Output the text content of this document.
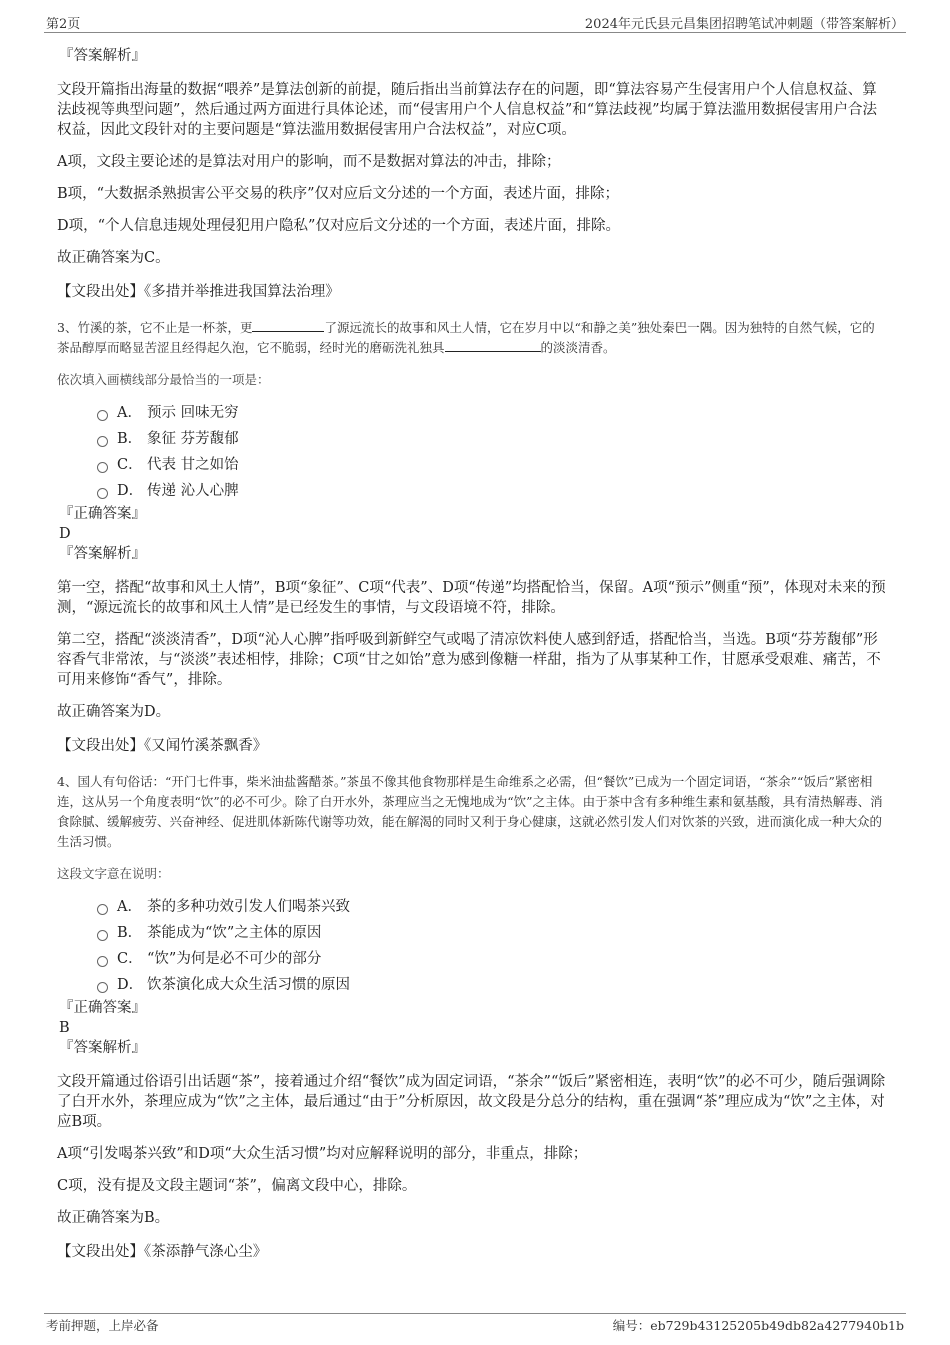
第2页	2024年元氏县元昌集团招聘笔试冲刺题（带答案解析）

『答案解析』

文段开篇指出海量的数据“喂养”是算法创新的前提，随后指出当前算法存在的问题，即“算法容易产生侵害用户个人信息权益、算法歧视等典型问题”，然后通过两方面进行具体论述，而“侵害用户个人信息权益”和“算法歧视”均属于算法滥用数据侵害用户合法权益，因此文段针对的主要问题是“算法滥用数据侵害用户合法权益”，对应C项。

A项，文段主要论述的是算法对用户的影响，而不是数据对算法的冲击，排除；

B项，“大数据杀熟损害公平交易的秩序”仅对应后文分述的一个方面，表述片面，排除；

D项，“个人信息违规处理侵犯用户隐私”仅对应后文分述的一个方面，表述片面，排除。

故正确答案为C。

【文段出处】《多措并举推进我国算法治理》

3、竹溪的茶，它不止是一杯茶，更	了源远流长的故事和风土人情，它在岁月中以“和静之美”独处秦巴一隅。因为独特的自然气候，它的茶品醇厚而略显苦涩且经得起久泡，它不脆弱，经时光的磨砺洗礼独具	的淡淡清香。

依次填入画横线部分最恰当的一项是：

A． 预示 回味无穷
B． 象征 芬芳馥郁
C． 代表 甘之如饴
D． 传递 沁人心脾

『正确答案』

D

『答案解析』

第一空，搭配“故事和风土人情”，B项“象征”、C项“代表”、D项“传递”均搭配恰当，保留。A项“预示”侧重“预”，体现对未来的预测，“源远流长的故事和风土人情”是已经发生的事情，与文段语境不符，排除。

第二空，搭配“淡淡清香”，D项“沁人心脾”指呼吸到新鲜空气或喝了清凉饮料使人感到舒适，搭配恰当，当选。B项“芬芳馥郁”形容香气非常浓，与“淡淡”表述相悖，排除；C项“甘之如饴”意为感到像糖一样甜，指为了从事某种工作，甘愿承受艰难、痛苦，不可用来修饰“香气”，排除。

故正确答案为D。

【文段出处】《又闻竹溪茶飘香》

4、国人有句俗话：“开门七件事，柴米油盐酱醋茶。”茶虽不像其他食物那样是生命维系之必需，但“餐饮”已成为一个固定词语，“茶余”“饭后”紧密相连，这从另一个角度表明“饮”的必不可少。除了白开水外，茶理应当之无愧地成为“饮”之主体。由于茶中含有多种维生素和氨基酸，具有清热解毒、消食除腻、缓解疲劳、兴奋神经、促进肌体新陈代谢等功效，能在解渴的同时又利于身心健康，这就必然引发人们对饮茶的兴致，进而演化成一种大众的生活习惯。

这段文字意在说明：

A． 茶的多种功效引发人们喝茶兴致
B． 茶能成为“饮”之主体的原因
C． “饮”为何是必不可少的部分
D． 饮茶演化成大众生活习惯的原因

『正确答案』

B

『答案解析』

文段开篇通过俗语引出话题“茶”，接着通过介绍“餐饮”成为固定词语，“茶余”“饭后”紧密相连，表明“饮”的必不可少，随后强调除了白开水外，茶理应成为“饮”之主体，最后通过“由于”分析原因，故文段是分总分的结构，重在强调“茶”理应成为“饮”之主体，对应B项。

A项“引发喝茶兴致”和D项“大众生活习惯”均对应解释说明的部分，非重点，排除；

C项，没有提及文段主题词“茶”，偏离文段中心，排除。

故正确答案为B。

【文段出处】《茶添静气涤心尘》

考前押题，上岸必备	编号：eb729b43125205b49db82a4277940b1b
